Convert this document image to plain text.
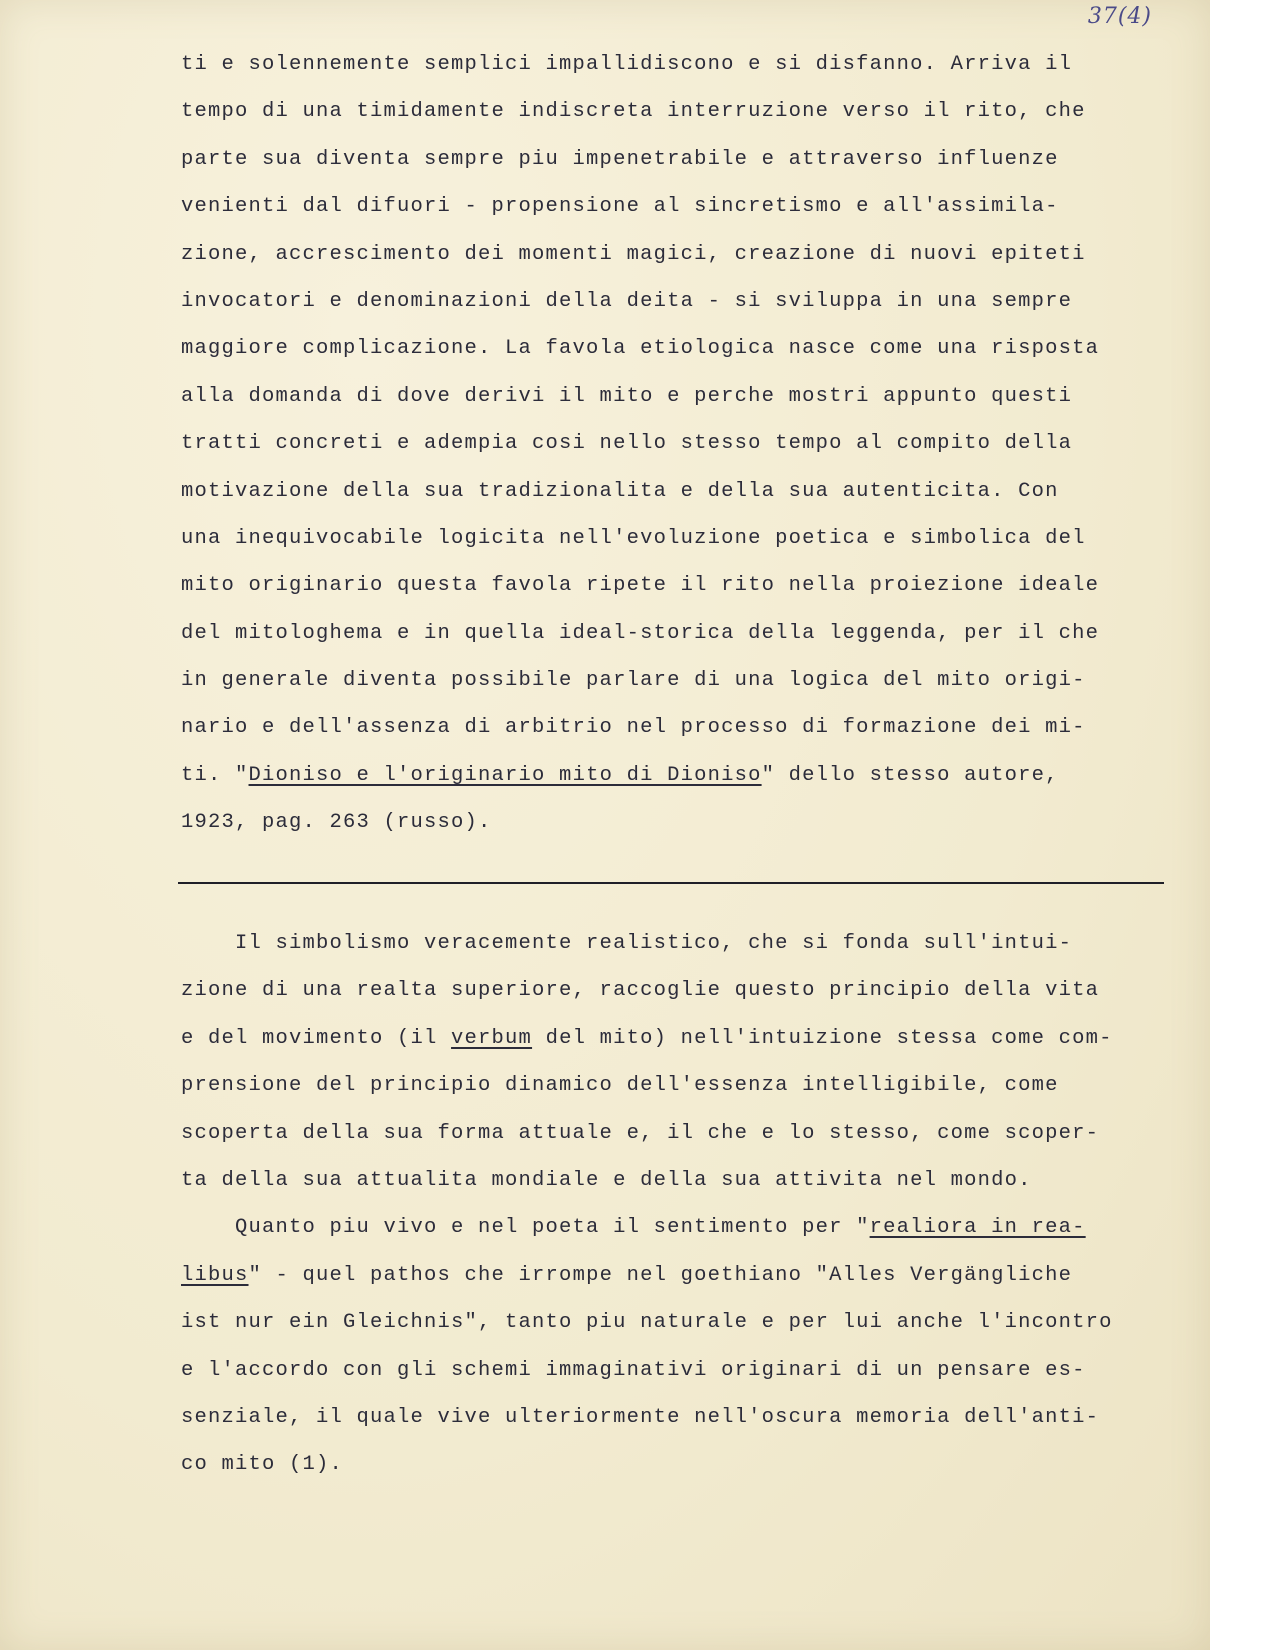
37(4)
ti e solennemente semplici impallidiscono e si disfanno. Arriva il
tempo di una timidamente indiscreta interruzione verso il rito, che
parte sua diventa sempre piu impenetrabile e attraverso influenze
venienti dal difuori - propensione al sincretismo e all'assimila-
zione, accrescimento dei momenti magici, creazione di nuovi epiteti
invocatori e denominazioni della deita - si sviluppa in una sempre
maggiore complicazione. La favola etiologica nasce come una risposta
alla domanda di dove derivi il mito e perche mostri appunto questi
tratti concreti e adempia cosi nello stesso tempo al compito della
motivazione della sua tradizionalita e della sua autenticita. Con
una inequivocabile logicita nell'evoluzione poetica e simbolica del
mito originario questa favola ripete il rito nella proiezione ideale
del mitologhema e in quella ideal-storica della leggenda, per il che
in generale diventa possibile parlare di una logica del mito origi-
nario e dell'assenza di arbitrio nel processo di formazione dei mi-
ti. "Dioniso e l'originario mito di Dioniso" dello stesso autore,
1923, pag. 263 (russo).
Il simbolismo veracemente realistico, che si fonda sull'intui-
zione di una realta superiore, raccoglie questo principio della vita
e del movimento (il verbum del mito) nell'intuizione stessa come com-
prensione del principio dinamico dell'essenza intelligibile, come
scoperta della sua forma attuale e, il che e lo stesso, come scoper-
ta della sua attualita mondiale e della sua attivita nel mondo.
Quanto piu vivo e nel poeta il sentimento per "realiora in rea-
libus" - quel pathos che irrompe nel goethiano "Alles Vergängliche
ist nur ein Gleichnis", tanto piu naturale e per lui anche l'incontro
e l'accordo con gli schemi immaginativi originari di un pensare es-
senziale, il quale vive ulteriormente nell'oscura memoria dell'anti-
co mito (1).
